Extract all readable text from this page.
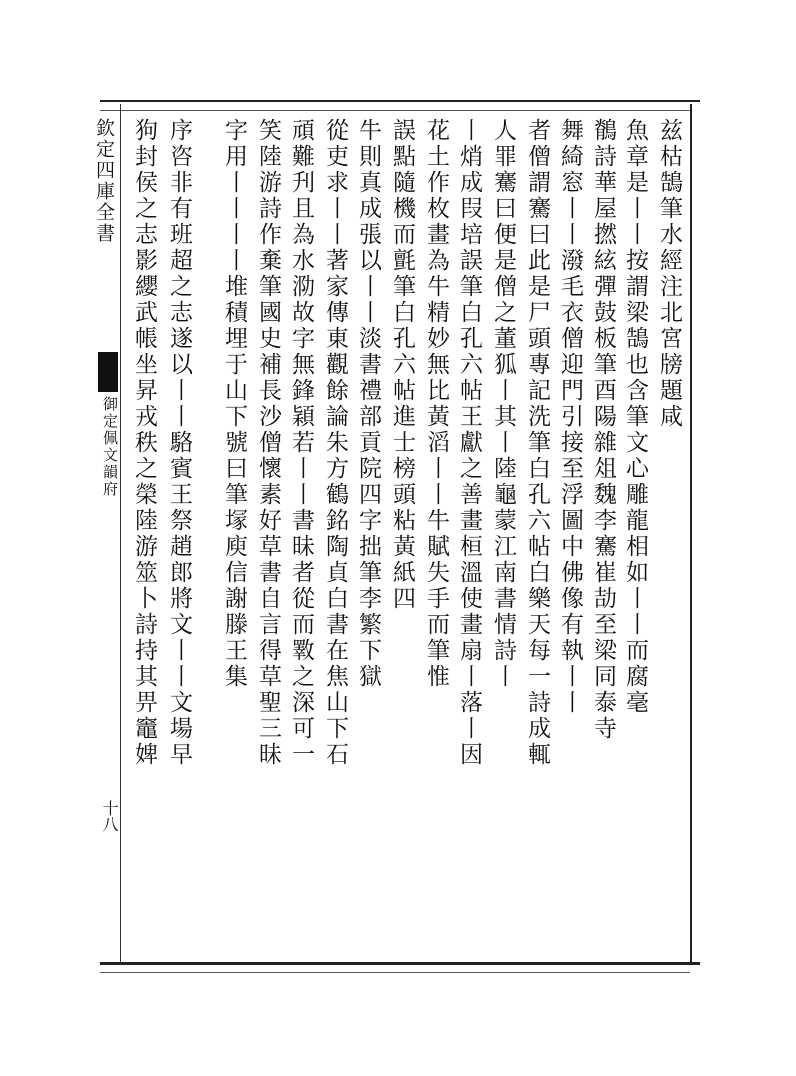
欽定四庫全書
御定佩文韻府
十八
兹枯鵠筆水經注北宮牓題咸
魚章是丨丨按謂梁鵠也含筆文心雕龍相如丨丨而腐毫
鶺詩華屋撚絃彈鼓板筆酉陽雜俎魏李騫崔劼至梁同泰寺
舞綺窓丨丨潑毛衣僧迎門引接至浮圖中佛像有執丨丨
者僧謂騫曰此是尸頭專記洗筆白孔六帖白樂天每一詩成輒
人罪騫曰便是僧之董狐丨其丨陸龜蒙江南書情詩丨
丨焇成叚培誤筆白孔六帖王獻之善畫桓溫使畫扇丨落丨因
花土作枚畫為牛精妙無比黃滔丨丨牛賦失手而筆惟
誤點隨機而氈筆白孔六帖進士榜頭粘黃紙四
牛則真成張以丨丨淡書禮部貢院四字拙筆李繁下獄
從吏求丨丨著家傳東觀餘論朱方鶴銘陶貞白書在焦山下石
頑難刋且為水泐故字無鋒穎若丨丨書昧者從而斁之深可一
笑陸游詩作棄筆國史補長沙僧懷素好草書自言得草聖三昧
字用丨丨丨丨堆積埋于山下號曰筆塜庾信謝滕王集
序咨非有班超之志遂以丨丨駱賓王祭趙郎將文丨丨文場早
狗封侯之志影纓武帳坐昇戎秩之榮陸游筮卜詩持其畀竈婢
